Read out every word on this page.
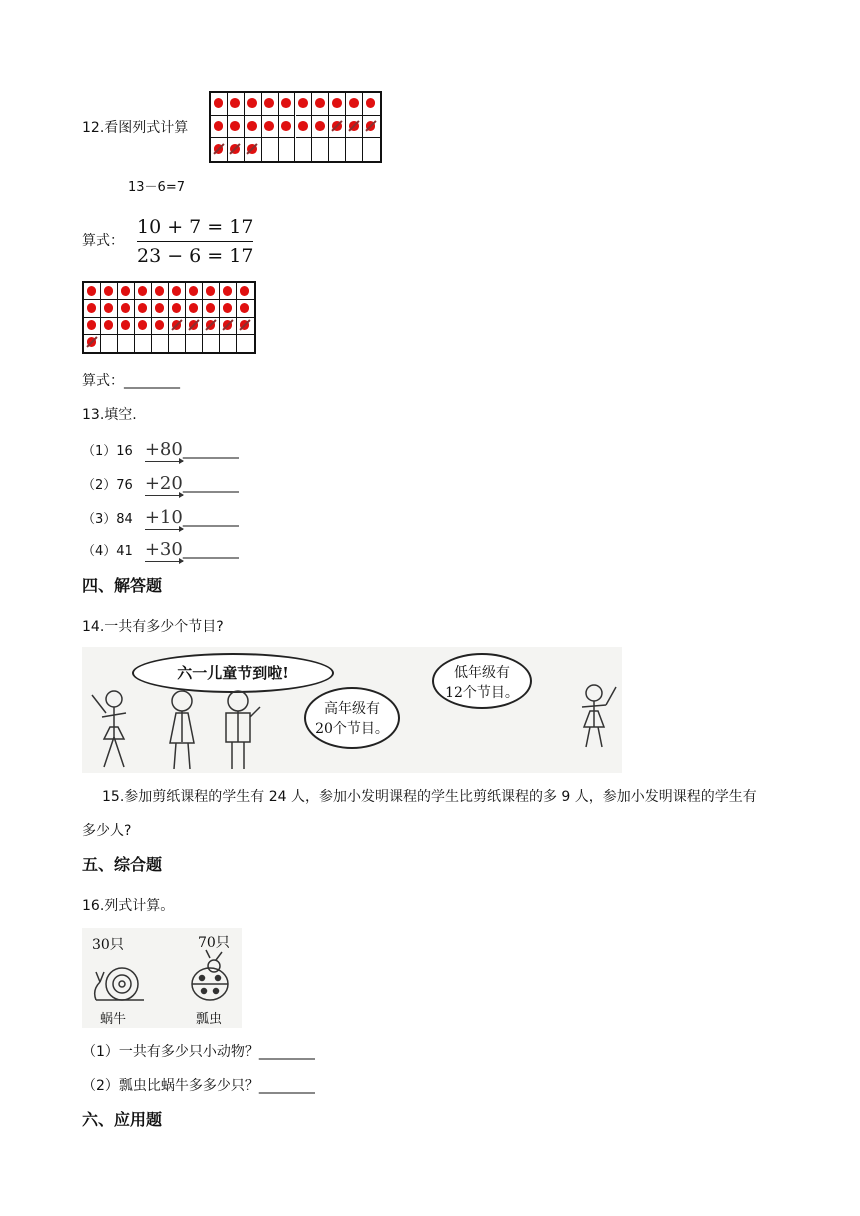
12.看图列式计算
13－6=7
算式：
10 + 7 = 17
23 − 6 = 17
算式：________
13.填空.
（1）16 +80
________
（2）76 +20
________
（3）84 +10
________
（4）41 +30
________
四、解答题
14.一共有多少个节目?
六一儿童节到啦!
高年级有
20个节目。
低年级有
12个节目。
15.参加剪纸课程的学生有 24 人，参加小发明课程的学生比剪纸课程的多 9 人，参加小发明课程的学生有
多少人?
五、综合题
16.列式计算。
30只	70只
蜗牛	瓢虫
（1）一共有多少只小动物？________
（2）瓢虫比蜗牛多多少只？________
六、应用题
